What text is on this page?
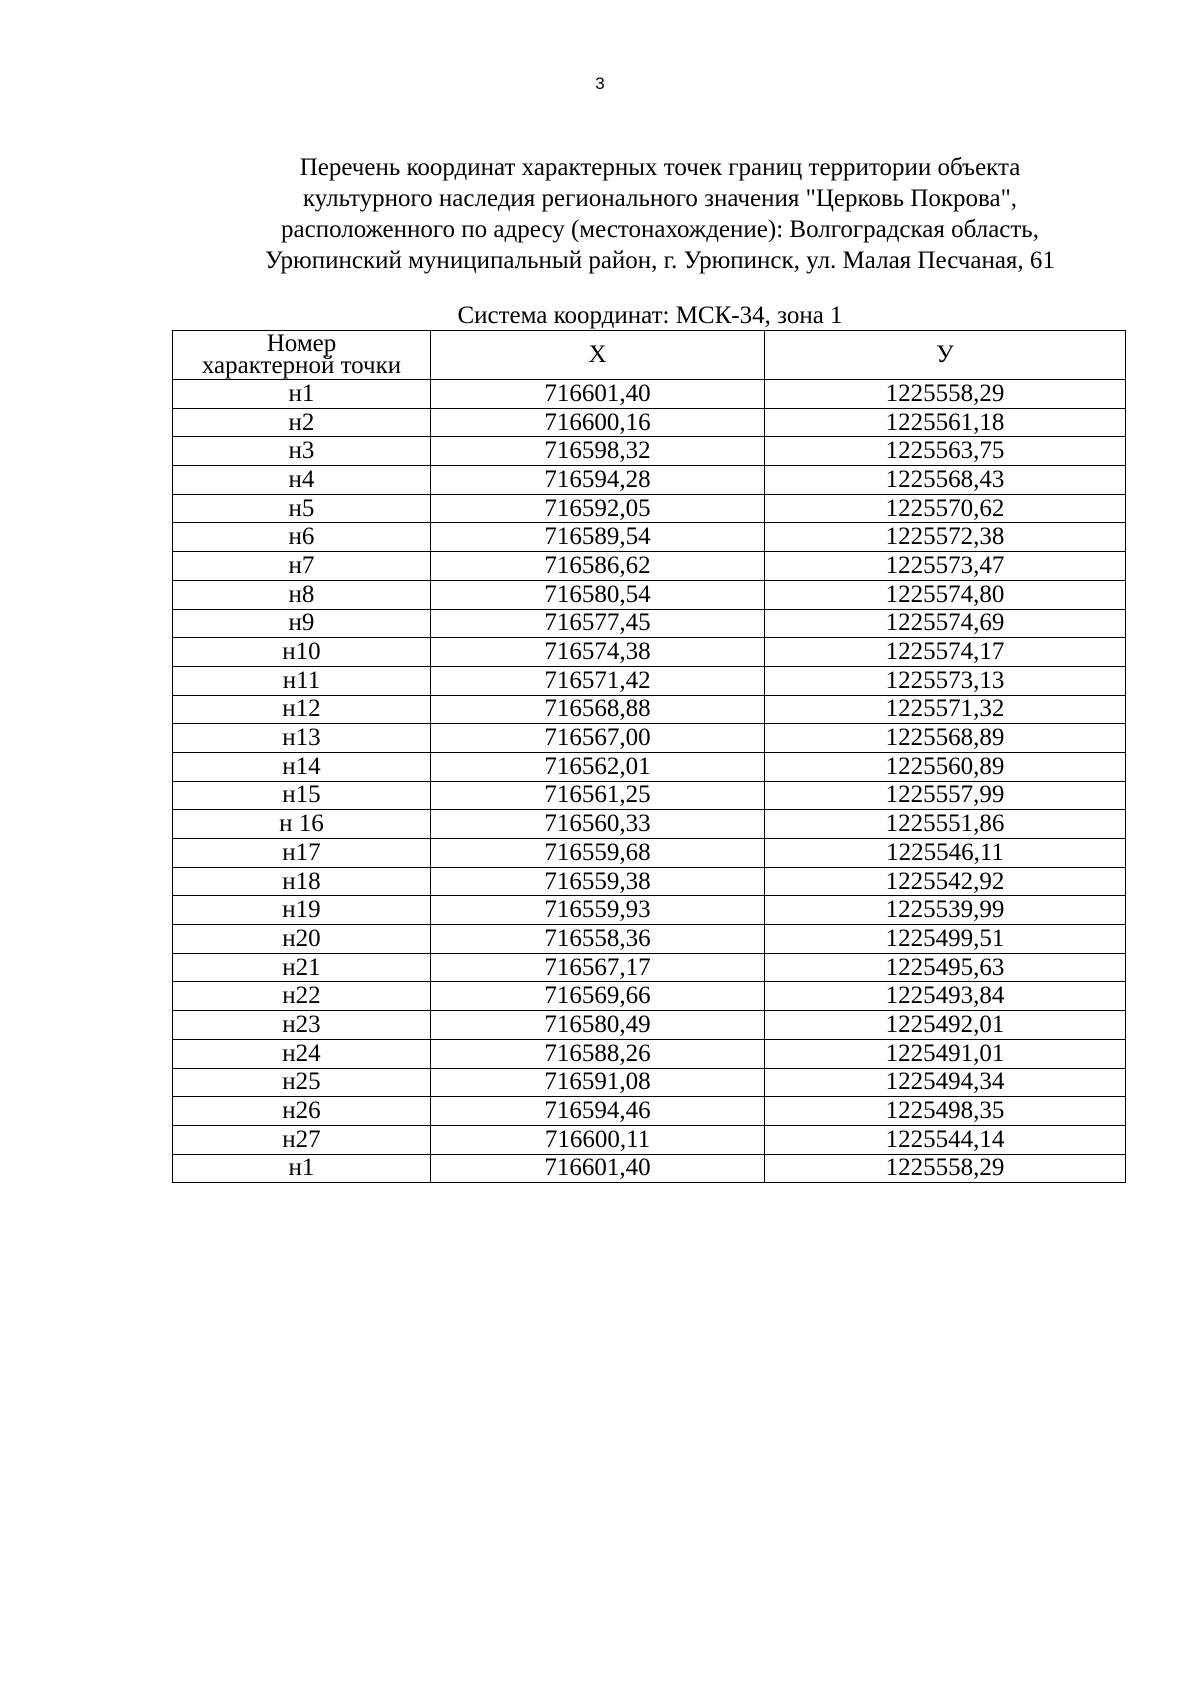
3
Перечень координат характерных точек границ территории объекта
культурного наследия регионального значения "Церковь Покрова",
расположенного по адресу (местонахождение): Волгоградская область,
Урюпинский муниципальный район, г. Урюпинск, ул. Малая Песчаная, 61
Система координат: МСК-34, зона 1
Номер
характерной точки	Х	У
н1	716601,40	1225558,29
н2	716600,16	1225561,18
н3	716598,32	1225563,75
н4	716594,28	1225568,43
н5	716592,05	1225570,62
н6	716589,54	1225572,38
н7	716586,62	1225573,47
н8	716580,54	1225574,80
н9	716577,45	1225574,69
н10	716574,38	1225574,17
н11	716571,42	1225573,13
н12	716568,88	1225571,32
н13	716567,00	1225568,89
н14	716562,01	1225560,89
н15	716561,25	1225557,99
н 16	716560,33	1225551,86
н17	716559,68	1225546,11
н18	716559,38	1225542,92
н19	716559,93	1225539,99
н20	716558,36	1225499,51
н21	716567,17	1225495,63
н22	716569,66	1225493,84
н23	716580,49	1225492,01
н24	716588,26	1225491,01
н25	716591,08	1225494,34
н26	716594,46	1225498,35
н27	716600,11	1225544,14
н1	716601,40	1225558,29
